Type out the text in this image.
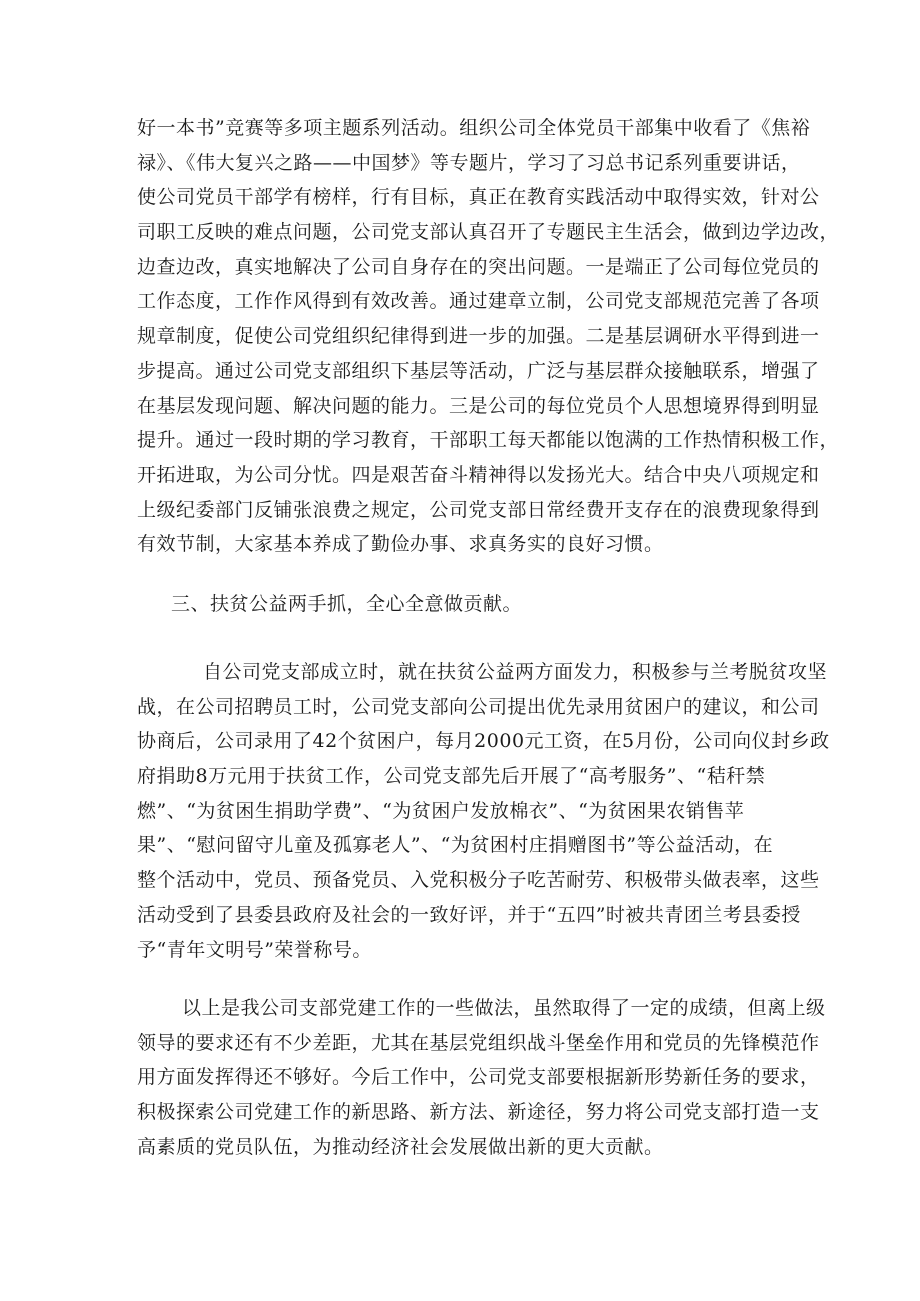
好一本书”竞赛等多项主题系列活动。组织公司全体党员干部集中收看了《焦裕
禄》、《伟大复兴之路——中国梦》等专题片，学习了习总书记系列重要讲话，
使公司党员干部学有榜样，行有目标，真正在教育实践活动中取得实效，针对公
司职工反映的难点问题，公司党支部认真召开了专题民主生活会，做到边学边改，
边查边改，真实地解决了公司自身存在的突出问题。一是端正了公司每位党员的
工作态度，工作作风得到有效改善。通过建章立制，公司党支部规范完善了各项
规章制度，促使公司党组织纪律得到进一步的加强。二是基层调研水平得到进一
步提高。通过公司党支部组织下基层等活动，广泛与基层群众接触联系，增强了
在基层发现问题、解决问题的能力。三是公司的每位党员个人思想境界得到明显
提升。通过一段时期的学习教育，干部职工每天都能以饱满的工作热情积极工作，
开拓进取，为公司分忧。四是艰苦奋斗精神得以发扬光大。结合中央八项规定和
上级纪委部门反铺张浪费之规定，公司党支部日常经费开支存在的浪费现象得到
有效节制，大家基本养成了勤俭办事、求真务实的良好习惯。
三、扶贫公益两手抓，全心全意做贡献。
自公司党支部成立时，就在扶贫公益两方面发力，积极参与兰考脱贫攻坚
战，在公司招聘员工时，公司党支部向公司提出优先录用贫困户的建议，和公司
协商后，公司录用了42个贫困户，每月2000元工资，在5月份，公司向仪封乡政
府捐助8万元用于扶贫工作，公司党支部先后开展了“高考服务”、“秸秆禁
燃”、“为贫困生捐助学费”、“为贫困户发放棉衣”、“为贫困果农销售苹
果”、“慰问留守儿童及孤寡老人”、“为贫困村庄捐赠图书”等公益活动，在
整个活动中，党员、预备党员、入党积极分子吃苦耐劳、积极带头做表率，这些
活动受到了县委县政府及社会的一致好评，并于“五四”时被共青团兰考县委授
予“青年文明号”荣誉称号。
以上是我公司支部党建工作的一些做法，虽然取得了一定的成绩，但离上级
领导的要求还有不少差距，尤其在基层党组织战斗堡垒作用和党员的先锋模范作
用方面发挥得还不够好。今后工作中，公司党支部要根据新形势新任务的要求，
积极探索公司党建工作的新思路、新方法、新途径，努力将公司党支部打造一支
高素质的党员队伍，为推动经济社会发展做出新的更大贡献。
